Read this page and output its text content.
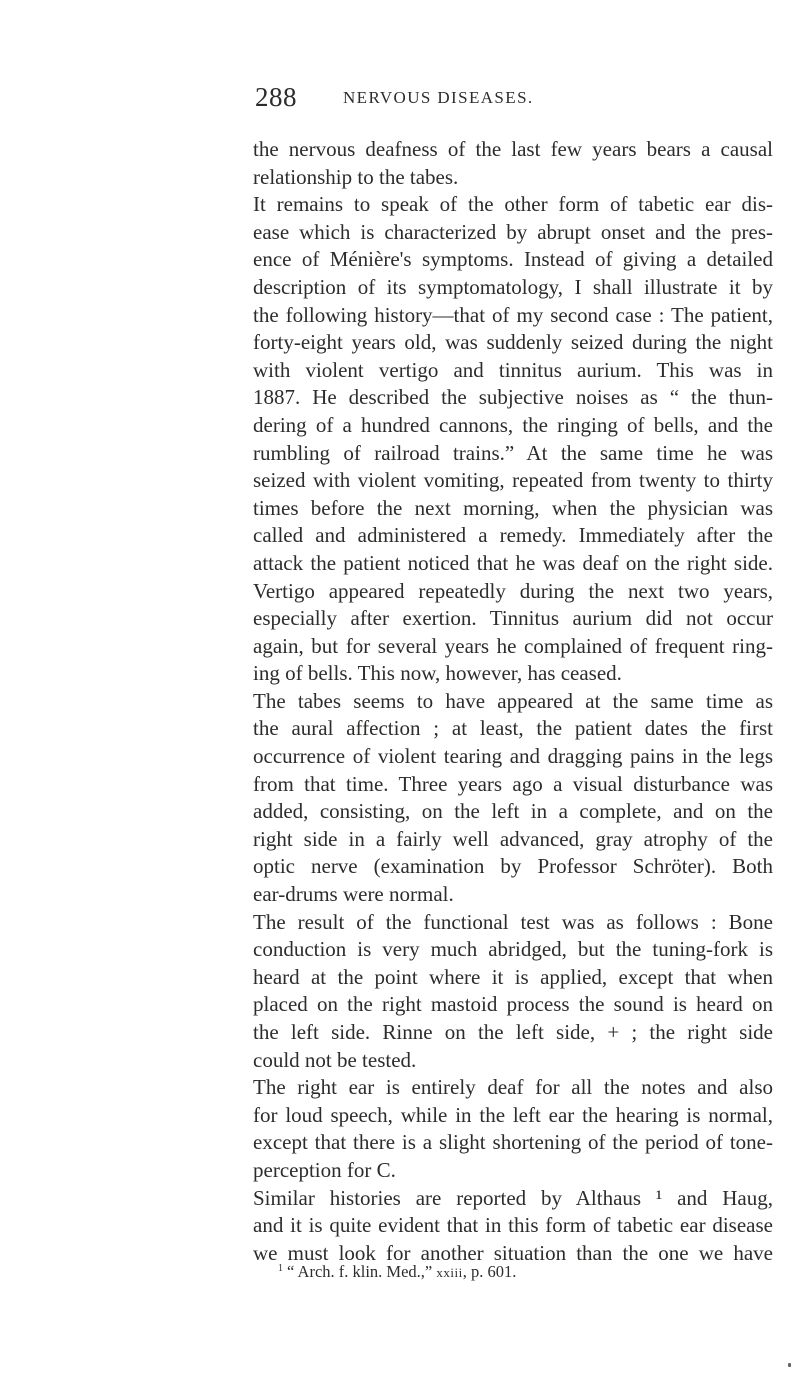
288	NERVOUS DISEASES.
the nervous deafness of the last few years bears a causal
relationship to the tabes.
It remains to speak of the other form of tabetic ear dis-
ease which is characterized by abrupt onset and the pres-
ence of Ménière's symptoms. Instead of giving a detailed
description of its symptomatology, I shall illustrate it by
the following history—that of my second case : The patient,
forty-eight years old, was suddenly seized during the night
with violent vertigo and tinnitus aurium. This was in
1887. He described the subjective noises as “ the thun-
dering of a hundred cannons, the ringing of bells, and the
rumbling of railroad trains.” At the same time he was
seized with violent vomiting, repeated from twenty to thirty
times before the next morning, when the physician was
called and administered a remedy. Immediately after the
attack the patient noticed that he was deaf on the right side.
Vertigo appeared repeatedly during the next two years,
especially after exertion. Tinnitus aurium did not occur
again, but for several years he complained of frequent ring-
ing of bells. This now, however, has ceased.
The tabes seems to have appeared at the same time as
the aural affection ; at least, the patient dates the first
occurrence of violent tearing and dragging pains in the legs
from that time. Three years ago a visual disturbance was
added, consisting, on the left in a complete, and on the
right side in a fairly well advanced, gray atrophy of the
optic nerve (examination by Professor Schröter). Both
ear-drums were normal.
The result of the functional test was as follows : Bone
conduction is very much abridged, but the tuning-fork is
heard at the point where it is applied, except that when
placed on the right mastoid process the sound is heard on
the left side. Rinne on the left side, + ; the right side
could not be tested.
The right ear is entirely deaf for all the notes and also
for loud speech, while in the left ear the hearing is normal,
except that there is a slight shortening of the period of tone-
perception for C.
Similar histories are reported by Althaus ¹ and Haug,
and it is quite evident that in this form of tabetic ear disease
we must look for another situation than the one we have
$^1$ “ Arch. f. klin. Med.,” xxiii, p. 601.
